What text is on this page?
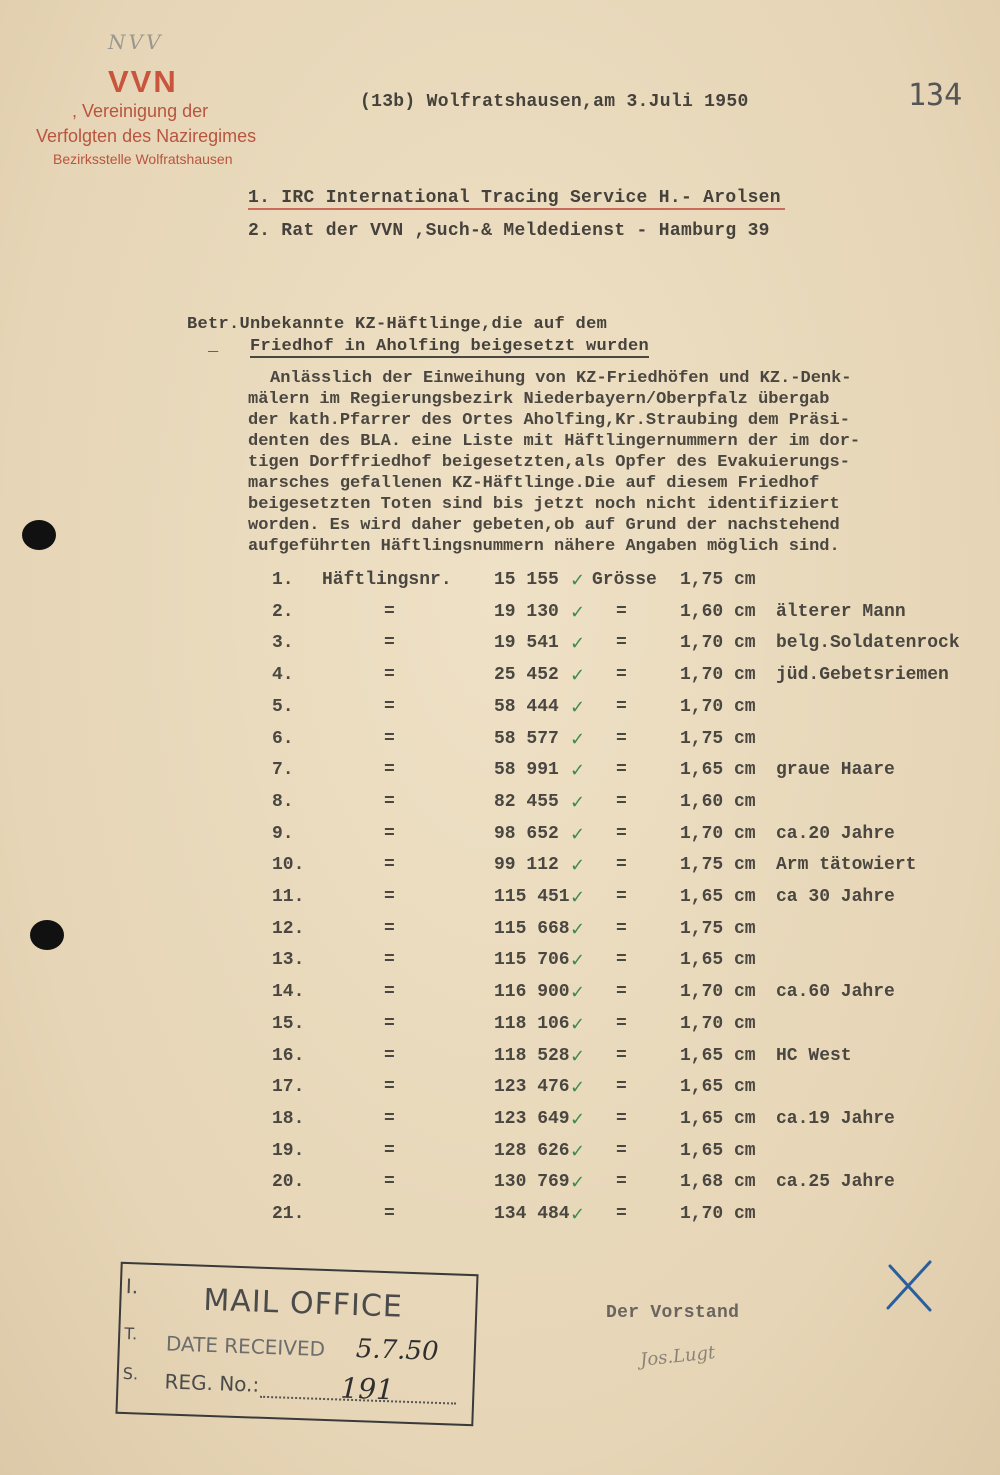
NVV
VVN
, Vereinigung der
Verfolgten des Naziregimes
Bezirksstelle Wolfratshausen
(13b) Wolfratshausen,am 3.Juli 1950	134
1. IRC International Tracing Service H.- Arolsen
2. Rat der VVN ,Such-& Meldedienst - Hamburg 39
Betr.Unbekannte KZ-Häftlinge,die auf dem
_ Friedhof in Aholfing beigesetzt wurden
Anlässlich der Einweihung von KZ-Friedhöfen und KZ.-Denk-
mälern im Regierungsbezirk Niederbayern/Oberpfalz übergab
der kath.Pfarrer des Ortes Aholfing,Kr.Straubing dem Präsi-
denten des BLA. eine Liste mit Häftlingernummern der im dor-
tigen Dorffriedhof beigesetzten,als Opfer des Evakuierungs-
marsches gefallenen KZ-Häftlinge.Die auf diesem Friedhof
beigesetzten Toten sind bis jetzt noch nicht identifiziert
worden. Es wird daher gebeten,ob auf Grund der nachstehend
aufgeführten Häftlingsnummern nähere Angaben möglich sind.
1. Häftlingsnr. 15 155 ✓ Grösse 1,75 cm
2.	=	19 130 ✓ =	1,60 cm älterer Mann
3.	=	19 541 ✓ =	1,70 cm belg.Soldatenrock
4.	=	25 452 ✓ =	1,70 cm jüd.Gebetsriemen
5.	=	58 444 ✓ =	1,70 cm
6.	=	58 577 ✓ =	1,75 cm
7.	=	58 991 ✓ =	1,65 cm graue Haare
8.	=	82 455 ✓ =	1,60 cm
9.	=	98 652 ✓ =	1,70 cm ca.20 Jahre
10.	=	99 112 ✓ =	1,75 cm Arm tätowiert
11.	=	115 451 ✓ =	1,65 cm ca 30 Jahre
12.	=	115 668 ✓ =	1,75 cm
13.	=	115 706 ✓ =	1,65 cm
14.	=	116 900 ✓ =	1,70 cm ca.60 Jahre
15.	=	118 106 ✓ =	1,70 cm
16.	=	118 528 ✓ =	1,65 cm HC West
17.	=	123 476 ✓ =	1,65 cm
18.	=	123 649 ✓ =	1,65 cm ca.19 Jahre
19.	=	128 626 ✓ =	1,65 cm
20.	=	130 769 ✓ =	1,68 cm ca.25 Jahre
21.	=	134 484 ✓ =	1,70 cm
Der Vorstand
Jos.Lugt
I.
T.
S.
MAIL OFFICE
DATE RECEIVED 5.7.50
REG. No.:	191
